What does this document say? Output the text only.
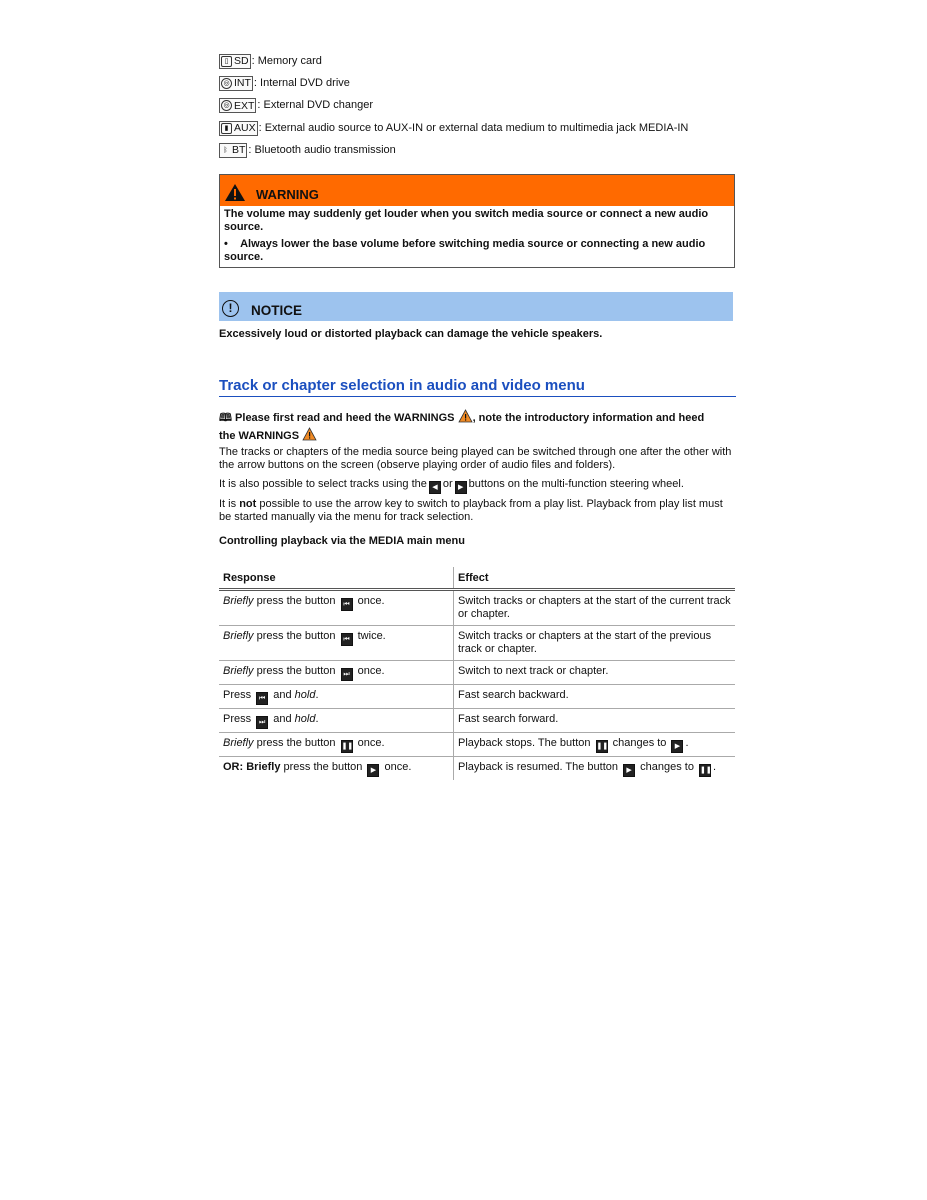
▯ SD : Memory card
◎ INT : Internal DVD drive
◎ EXT : External DVD changer
▮ AUX : External audio source to AUX-IN or external data medium to multimedia jack MEDIA-IN
ᛒ BT : Bluetooth audio transmission
WARNING

The volume may suddenly get louder when you switch media source or connect a new audio source.

•    Always lower the base volume before switching media source or connecting a new audio source.

!	NOTICE
Excessively loud or distorted playback can damage the vehicle speakers.
Track or chapter selection in audio and video menu
🕮 Please first read and heed the WARNINGS , note the introductory information and heed
the WARNINGS
The tracks or chapters of the media source being played can be switched through one after the other with the arrow buttons on the screen (observe playing order of audio files and folders).
It is also possible to select tracks using the ◀ or ▶ buttons on the multi-function steering wheel.
It is not possible to use the arrow key to switch to playback from a play list. Playback from play list must be started manually via the menu for track selection.
Controlling playback via the MEDIA main menu
Response	Effect
Briefly press the button ⏮ once.	Switch tracks or chapters at the start of the current track or chapter.
Briefly press the button ⏮ twice.	Switch tracks or chapters at the start of the previous track or chapter.
Briefly press the button ⏭ once.	Switch to next track or chapter.
Press ⏮ and hold.	Fast search backward.
Press ⏭ and hold.	Fast search forward.
Briefly press the button ❚❚ once.	Playback stops. The button ❚❚ changes to ▶ .
OR: Briefly press the button ▶ once.	Playback is resumed. The button ▶ changes to ❚❚.
